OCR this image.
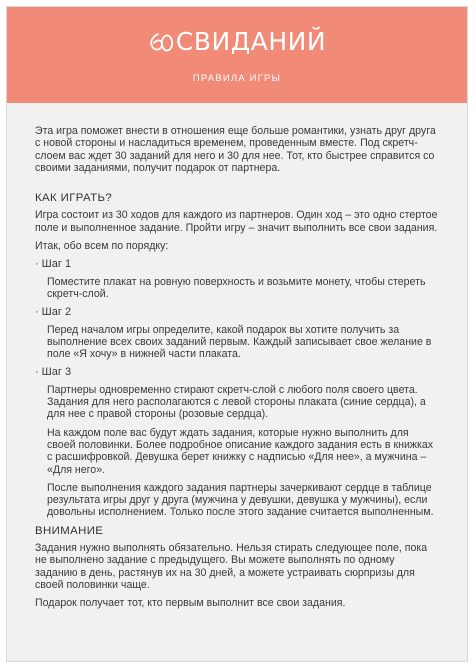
СВИДАНИЙ
ПРАВИЛА ИГРЫ

Эта игра поможет внести в отношения еще больше романтики, узнать друг друга с новой стороны и насладиться временем, проведенным вместе. Под скретч-слоем вас ждет 30 заданий для него и 30 для нее. Тот, кто быстрее справится со своими заданиями, получит подарок от партнера.

КАК ИГРАТЬ?

Игра состоит из 30 ходов для каждого из партнеров. Один ход – это одно стертое поле и выполненное задание. Пройти игру – значит выполнить все свои задания.

Итак, обо всем по порядку:

· Шаг 1

Поместите плакат на ровную поверхность и возьмите монету, чтобы стереть скретч-слой.

· Шаг 2

Перед началом игры определите, какой подарок вы хотите получить за выполнение всех своих заданий первым. Каждый записывает свое желание в поле «Я хочу» в нижней части плаката.

· Шаг 3

Партнеры одновременно стирают скретч-слой с любого поля своего цвета. Задания для него располагаются с левой стороны плаката (синие сердца), а для нее с правой стороны (розовые сердца).

На каждом поле вас будут ждать задания, которые нужно выполнить для своей половинки. Более подробное описание каждого задания есть в книжках с расшифровкой. Девушка берет книжку с надписью «Для нее», а мужчина – «Для него».

После выполнения каждого задания партнеры зачеркивают сердце в таблице результата игры друг у друга (мужчина у девушки, девушка у мужчины), если довольны исполнением. Только после этого задание считается выполненным.

ВНИМАНИЕ

Задания нужно выполнять обязательно. Нельзя стирать следующее поле, пока не выполнено задание с предыдущего. Вы можете выполнять по одному заданию в день, растянув их на 30 дней, а можете устраивать сюрпризы для своей половинки чаще.

Подарок получает тот, кто первым выполнит все свои задания.
